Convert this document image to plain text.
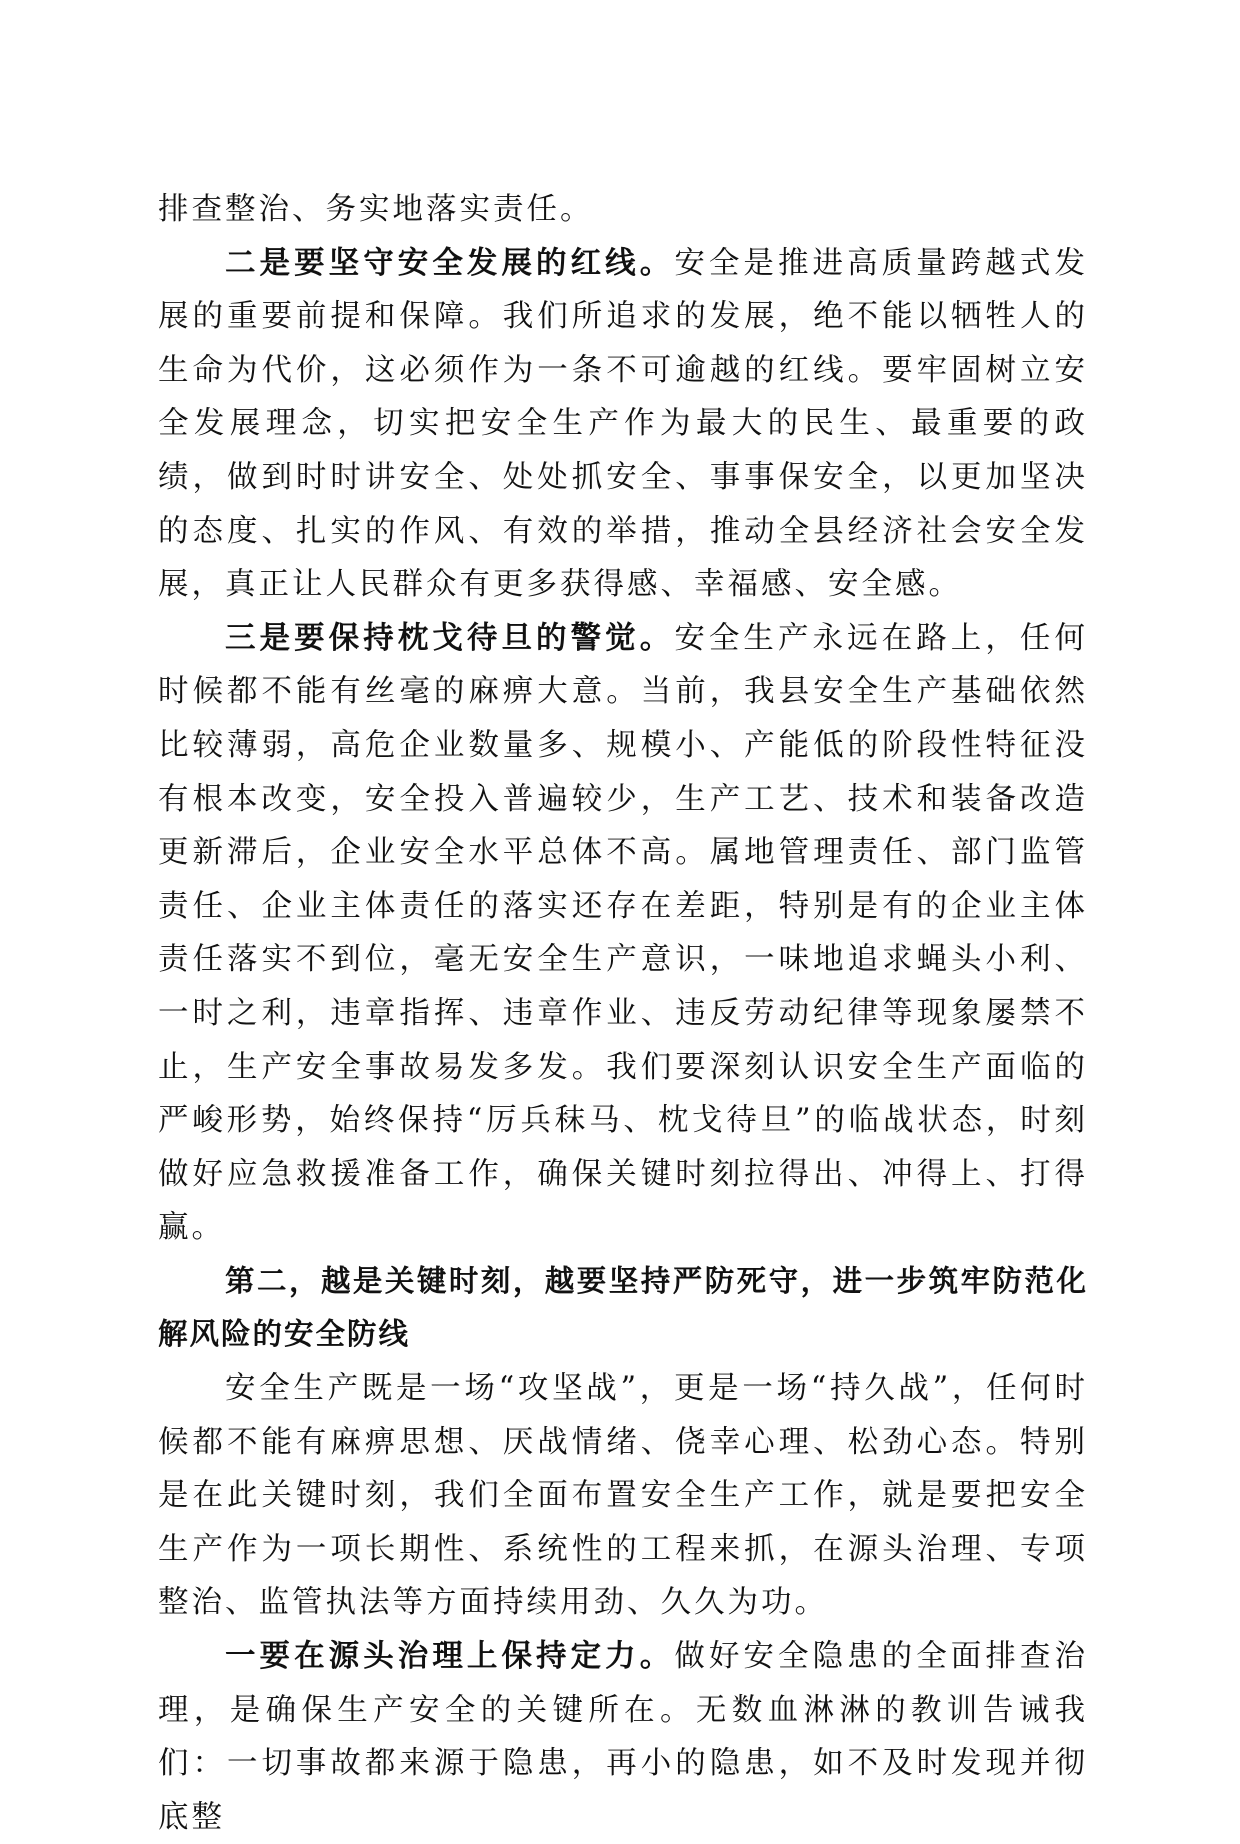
排查整治、务实地落实责任。

二是要坚守安全发展的红线。安全是推进高质量跨越式发展的重要前提和保障。我们所追求的发展，绝不能以牺牲人的生命为代价，这必须作为一条不可逾越的红线。要牢固树立安全发展理念，切实把安全生产作为最大的民生、最重要的政绩，做到时时讲安全、处处抓安全、事事保安全，以更加坚决的态度、扎实的作风、有效的举措，推动全县经济社会安全发展，真正让人民群众有更多获得感、幸福感、安全感。

三是要保持枕戈待旦的警觉。安全生产永远在路上，任何时候都不能有丝毫的麻痹大意。当前，我县安全生产基础依然比较薄弱，高危企业数量多、规模小、产能低的阶段性特征没有根本改变，安全投入普遍较少，生产工艺、技术和装备改造更新滞后，企业安全水平总体不高。属地管理责任、部门监管责任、企业主体责任的落实还存在差距，特别是有的企业主体责任落实不到位，毫无安全生产意识，一味地追求蝇头小利、一时之利，违章指挥、违章作业、违反劳动纪律等现象屡禁不止，生产安全事故易发多发。我们要深刻认识安全生产面临的严峻形势，始终保持“厉兵秣马、枕戈待旦”的临战状态，时刻做好应急救援准备工作，确保关键时刻拉得出、冲得上、打得赢。

第二，越是关键时刻，越要坚持严防死守，进一步筑牢防范化解风险的安全防线

安全生产既是一场“攻坚战”，更是一场“持久战”，任何时候都不能有麻痹思想、厌战情绪、侥幸心理、松劲心态。特别是在此关键时刻，我们全面布置安全生产工作，就是要把安全生产作为一项长期性、系统性的工程来抓，在源头治理、专项整治、监管执法等方面持续用劲、久久为功。

一要在源头治理上保持定力。做好安全隐患的全面排查治理，是确保生产安全的关键所在。无数血淋淋的教训告诫我们：一切事故都来源于隐患，再小的隐患，如不及时发现并彻底整
